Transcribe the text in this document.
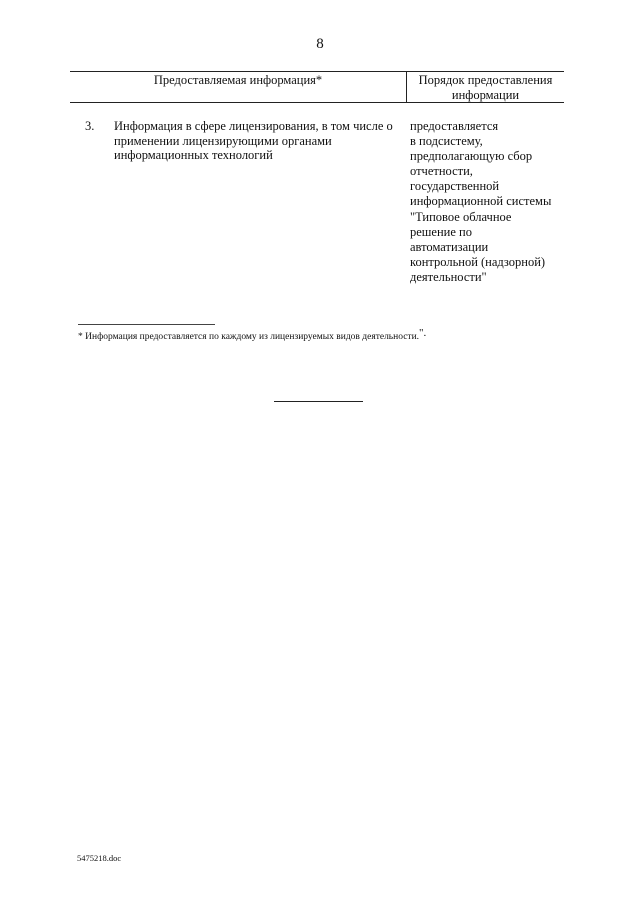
8
Предоставляемая информация*	Порядок предоставления информации
3. Информация в сфере лицензирования, в том числе о применении лицензирующими органами информационных технологий
предоставляется
в подсистему,
предполагающую сбор
отчетности,
государственной
информационной системы
"Типовое облачное
решение по
автоматизации
контрольной (надзорной)
деятельности"
* Информация предоставляется по каждому из лицензируемых видов деятельности.".
5475218.doc
